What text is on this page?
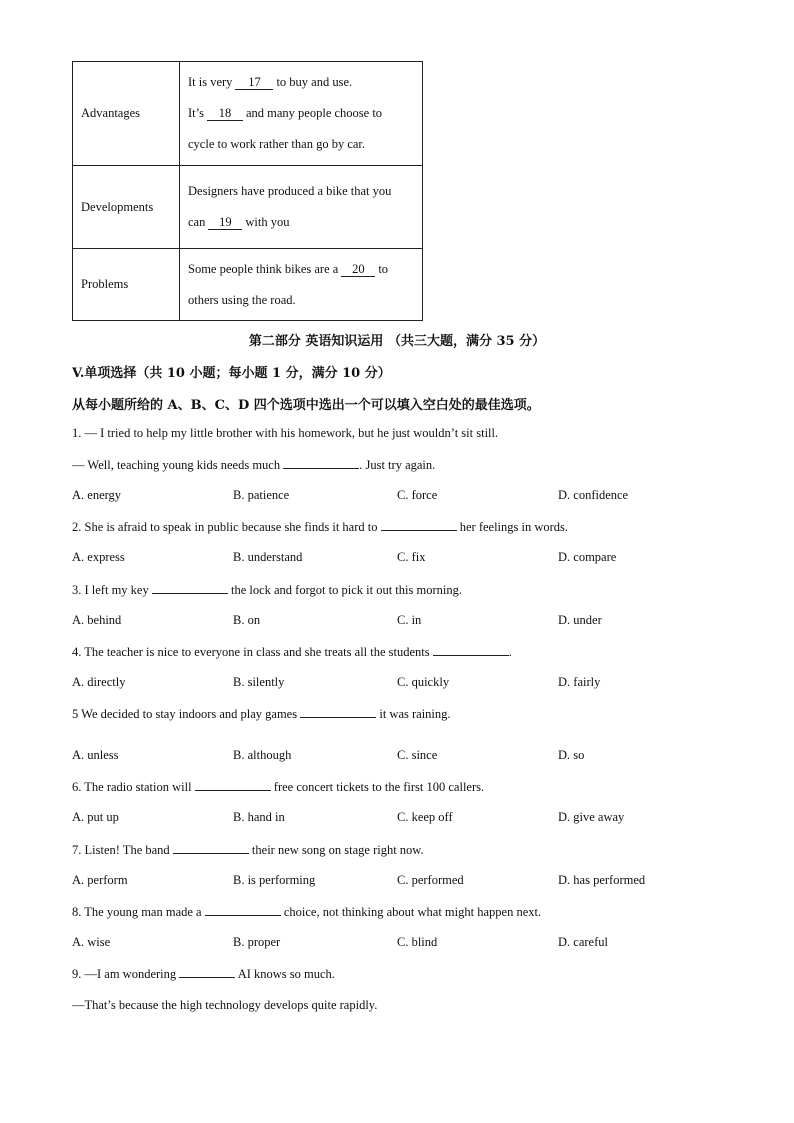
Advantages	It is very 17 to buy and use.
It’s 18 and many people choose to
cycle to work rather than go by car.

Developments	Designers have produced a bike that you
can 19 with you

Problems	Some people think bikes are a 20 to
others using the road.
第二部分 英语知识运用 （共三大题，满分 35 分）
V.单项选择（共 10 小题；每小题 1 分，满分 10 分）
从每小题所给的 A、B、C、D 四个选项中选出一个可以填入空白处的最佳选项。
1. — I tried to help my little brother with his homework, but he just wouldn’t sit still.
— Well, teaching young kids needs much	. Just try again.
A. energy	B. patience	C. force	D. confidence
2. She is afraid to speak in public because she finds it hard to	her feelings in words.
A. express	B. understand	C. fix	D. compare
3. I left my key	the lock and forgot to pick it out this morning.
A. behind	B. on	C. in	D. under
4. The teacher is nice to everyone in class and she treats all the students	.
A. directly	B. silently	C. quickly	D. fairly
5 We decided to stay indoors and play games	it was raining.
A. unless	B. although	C. since	D. so
6. The radio station will	free concert tickets to the first 100 callers.
A. put up	B. hand in	C. keep off	D. give away
7. Listen! The band	their new song on stage right now.
A. perform	B. is performing	C. performed	D. has performed
8. The young man made a	choice, not thinking about what might happen next.
A. wise	B. proper	C. blind	D. careful
9. —I am wondering	AI knows so much.
—That’s because the high technology develops quite rapidly.
